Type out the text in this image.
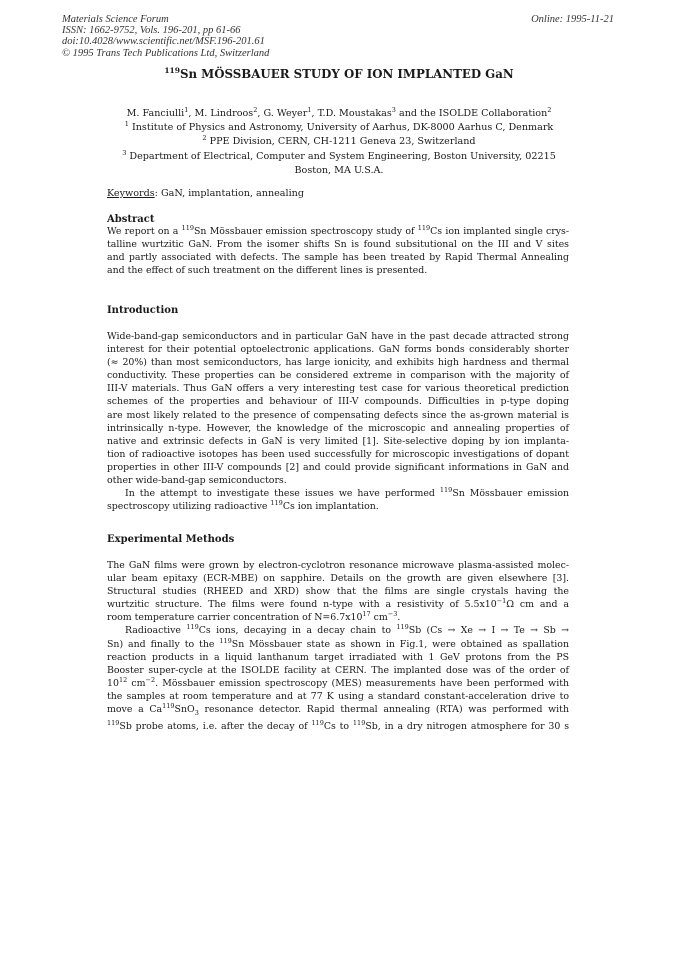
Materials Science Forum
ISSN: 1662-9752, Vols. 196-201, pp 61-66
doi:10.4028/www.scientific.net/MSF.196-201.61
© 1995 Trans Tech Publications Ltd, Switzerland
Online: 1995-11-21
$^{119}$Sn MÖSSBAUER STUDY OF ION IMPLANTED GaN
M. Fanciulli$^1$, M. Lindroos$^2$, G. Weyer$^1$, T.D. Moustakas$^3$ and the ISOLDE Collaboration$^2$
$^1$ Institute of Physics and Astronomy, University of Aarhus, DK-8000 Aarhus C, Denmark
$^2$ PPE Division, CERN, CH-1211 Geneva 23, Switzerland
$^3$ Department of Electrical, Computer and System Engineering, Boston University, 02215
Boston, MA U.S.A.
Keywords: GaN, implantation, annealing
Abstract
We report on a $^{119}$Sn Mössbauer emission spectroscopy study of $^{119}$Cs ion implanted single crys-
talline wurtzitic GaN. From the isomer shifts Sn is found subsitutional on the III and V sites
and partly associated with defects. The sample has been treated by Rapid Thermal Annealing
and the effect of such treatment on the different lines is presented.
Introduction
Wide-band-gap semiconductors and in particular GaN have in the past decade attracted strong
interest for their potential optoelectronic applications. GaN forms bonds considerably shorter
(≈ 20%) than most semiconductors, has large ionicity, and exhibits high hardness and thermal
conductivity. These properties can be considered extreme in comparison with the majority of
III-V materials. Thus GaN offers a very interesting test case for various theoretical prediction
schemes of the properties and behaviour of III-V compounds. Difficulties in p-type doping
are most likely related to the presence of compensating defects since the as-grown material is
intrinsically n-type. However, the knowledge of the microscopic and annealing properties of
native and extrinsic defects in GaN is very limited [1]. Site-selective doping by ion implanta-
tion of radioactive isotopes has been used successfully for microscopic investigations of dopant
properties in other III-V compounds [2] and could provide significant informations in GaN and
other wide-band-gap semiconductors.
In the attempt to investigate these issues we have performed $^{119}$Sn Mössbauer emission
spectroscopy utilizing radioactive $^{119}$Cs ion implantation.
Experimental Methods
The GaN films were grown by electron-cyclotron resonance microwave plasma-assisted molec-
ular beam epitaxy (ECR-MBE) on sapphire. Details on the growth are given elsewhere [3].
Structural studies (RHEED and XRD) show that the films are single crystals having the
wurtzitic structure. The films were found n-type with a resistivity of $5.5x10^{-1}\Omega$ cm and a
room temperature carrier concentration of $N=6.7x10^{17}$ $cm^{-3}$.
Radioactive $^{119}$Cs ions, decaying in a decay chain to $^{119}$Sb (Cs → Xe → I → Te → Sb →
Sn) and finally to the $^{119}$Sn Mössbauer state as shown in Fig.1, were obtained as spallation
reaction products in a liquid lanthanum target irradiated with 1 GeV protons from the PS
Booster super-cycle at the ISOLDE facility at CERN. The implanted dose was of the order of
$10^{12}$ $cm^{-2}$. Mössbauer emission spectroscopy (MES) measurements have been performed with
the samples at room temperature and at 77 K using a standard constant-acceleration drive to
move a $Ca^{119}SnO_3$ resonance detector. Rapid thermal annealing (RTA) was performed with
$^{119}$Sb probe atoms, i.e. after the decay of $^{119}$Cs to $^{119}$Sb, in a dry nitrogen atmosphere for 30 s
